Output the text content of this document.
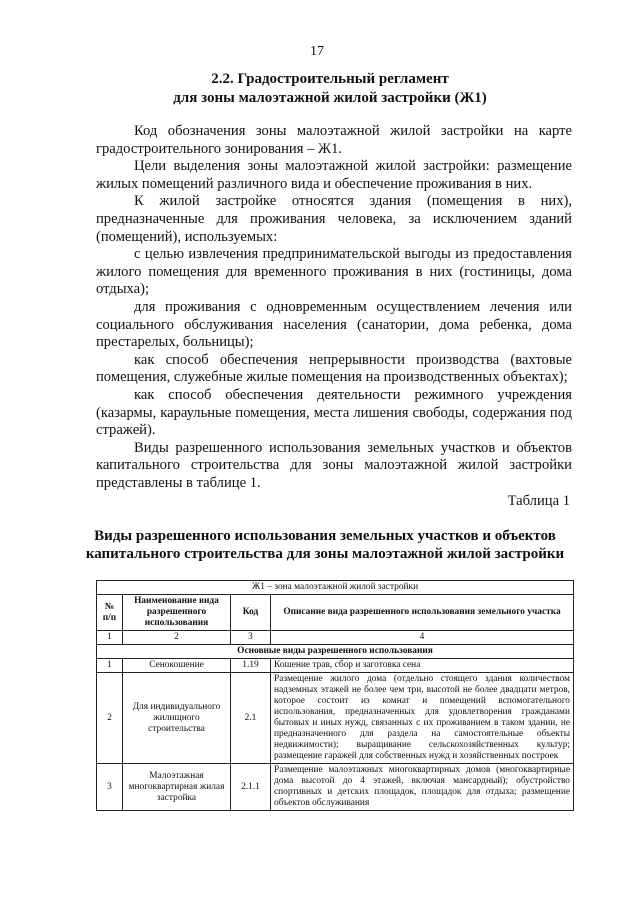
17
2.2. Градостроительный регламент
для зоны малоэтажной жилой застройки (Ж1)

Код обозначения зоны малоэтажной жилой застройки на карте градостроительного зонирования – Ж1.

Цели выделения зоны малоэтажной жилой застройки: размещение жилых помещений различного вида и обеспечение проживания в них.

К жилой застройке относятся здания (помещения в них), предназначенные для проживания человека, за исключением зданий (помещений), используемых:

с целью извлечения предпринимательской выгоды из предоставления жилого помещения для временного проживания в них (гостиницы, дома отдыха);

для проживания с одновременным осуществлением лечения или социального обслуживания населения (санатории, дома ребенка, дома престарелых, больницы);

как способ обеспечения непрерывности производства (вахтовые помещения, служебные жилые помещения на производственных объектах);

как способ обеспечения деятельности режимного учреждения (казармы, караульные помещения, места лишения свободы, содержания под стражей).

Виды разрешенного использования земельных участков и объектов капитального строительства для зоны малоэтажной жилой застройки представлены в таблице 1.

Таблица 1
Виды разрешенного использования земельных участков и объектов
капитального строительства для зоны малоэтажной жилой застройки
Ж1 – зона малоэтажной жилой застройки			
№ п/п	Наименование вида разрешенного использования	Код	Описание вида разрешенного использования земельного участка
1	2	3	4
Основные виды разрешенного использования			
1	Сенокошение	1.19	Кошение трав, сбор и заготовка сена
2	Для индивидуального жилищного строительства	2.1	Размещение жилого дома (отдельно стоящего здания количеством надземных этажей не более чем три, высотой не более двадцати метров, которое состоит из комнат и помещений вспомогательного использования, предназначенных для удовлетворения гражданами бытовых и иных нужд, связанных с их проживанием в таком здании, не предназначенного для раздела на самостоятельные объекты недвижимости); выращивание сельскохозяйственных культур; размещение гаражей для собственных нужд и хозяйственных построек
3	Малоэтажная многоквартирная жилая застройка	2.1.1	Размещение малоэтажных многоквартирных домов (многоквартирные дома высотой до 4 этажей, включая мансардный); обустройство спортивных и детских площадок, площадок для отдыха; размещение объектов обслуживания
